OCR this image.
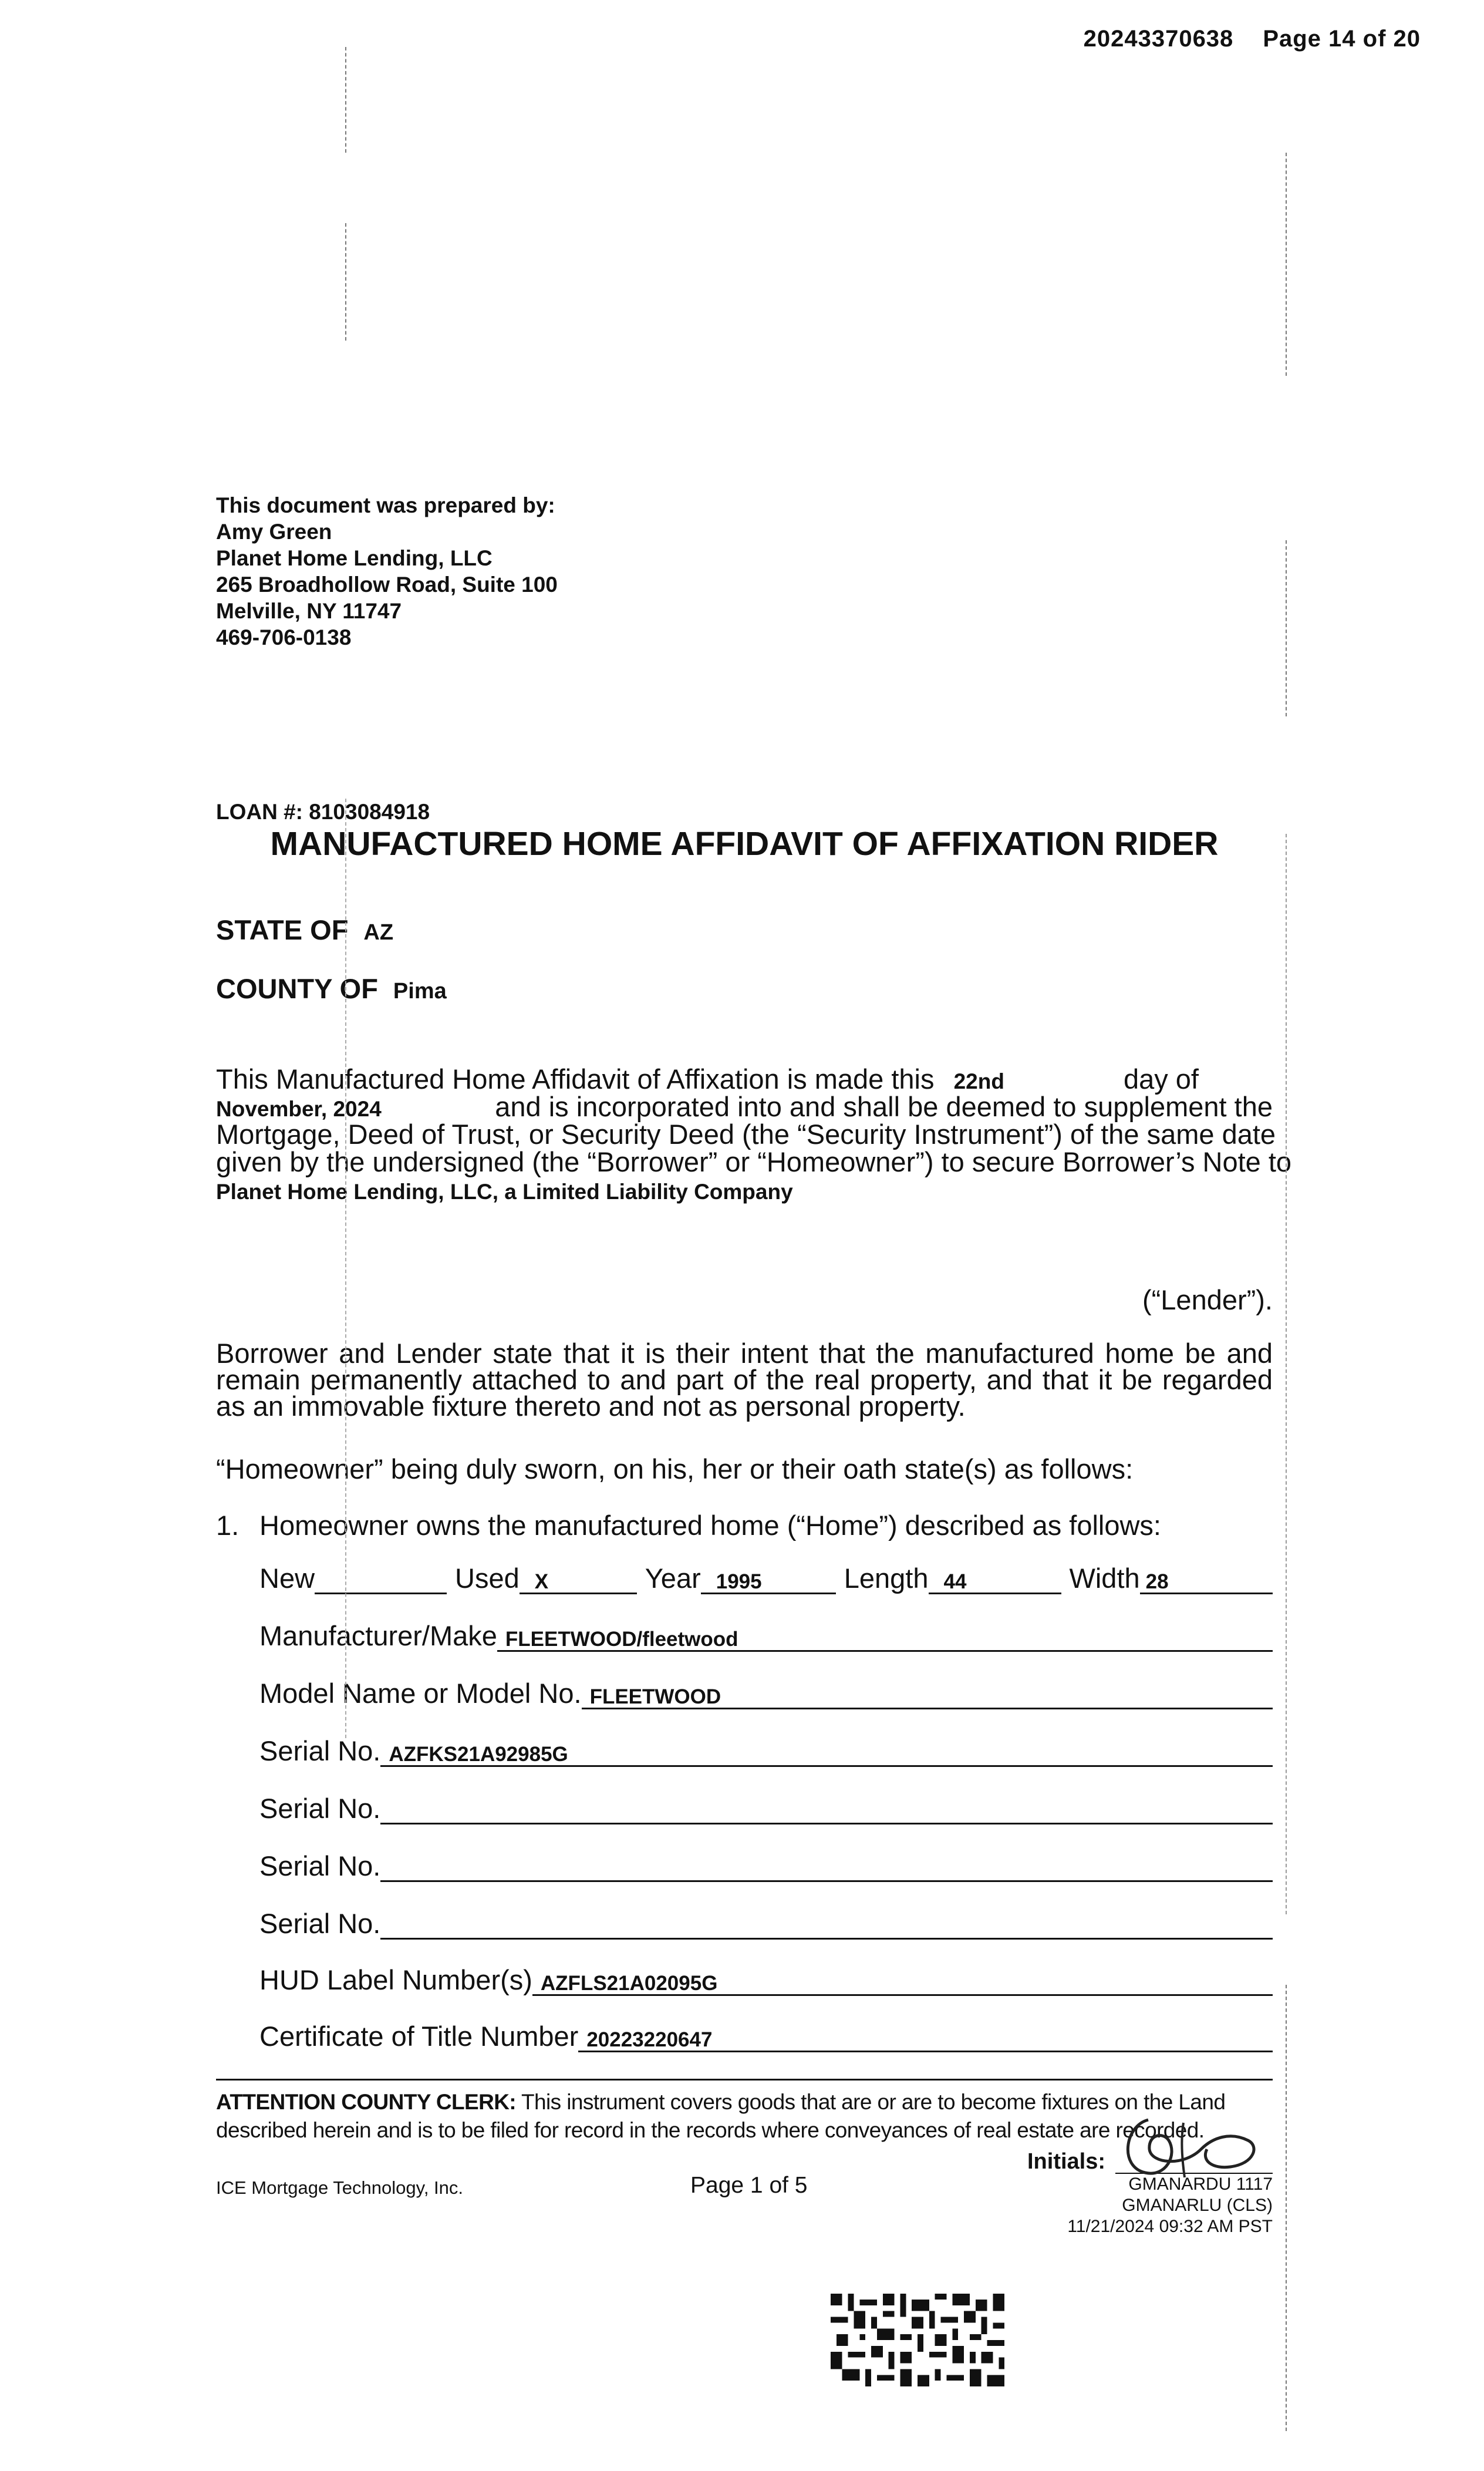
20243370638 Page 14 of 20
This document was prepared by:
Amy Green
Planet Home Lending, LLC
265 Broadhollow Road, Suite 100
Melville, NY 11747
469-706-0138
LOAN #: 8103084918
MANUFACTURED HOME AFFIDAVIT OF AFFIXATION RIDER
STATE OF AZ
COUNTY OF Pima
This Manufactured Home Affidavit of Affixation is made this 22nd	day of
November, 2024	and is incorporated into and shall be deemed to supplement the
Mortgage, Deed of Trust, or Security Deed (the “Security Instrument”) of the same date
given by the undersigned (the “Borrower” or “Homeowner”) to secure Borrower’s Note to
Planet Home Lending, LLC, a Limited Liability Company
(“Lender”).
Borrower and Lender state that it is their intent that the manufactured home be and remain permanently attached to and part of the real property, and that it be regarded as an immovable fixture thereto and not as personal property.
“Homeowner” being duly sworn, on his, her or their oath state(s) as follows:
1. Homeowner owns the manufactured home (“Home”) described as follows:
New	Used X	Year 1995	Length 44	Width 28
Manufacturer/Make FLEETWOOD/fleetwood
Model Name or Model No. FLEETWOOD
Serial No. AZFKS21A92985G
Serial No.
Serial No.
Serial No.
HUD Label Number(s) AZFLS21A02095G
Certificate of Title Number 20223220647
ATTENTION COUNTY CLERK: This instrument covers goods that are or are to become fixtures on the Land
described herein and is to be filed for record in the records where conveyances of real estate are recorded.
Initials:
ICE Mortgage Technology, Inc.	Page 1 of 5	GMANARDU 1117
GMANARLU (CLS)
11/21/2024 09:32 AM PST
